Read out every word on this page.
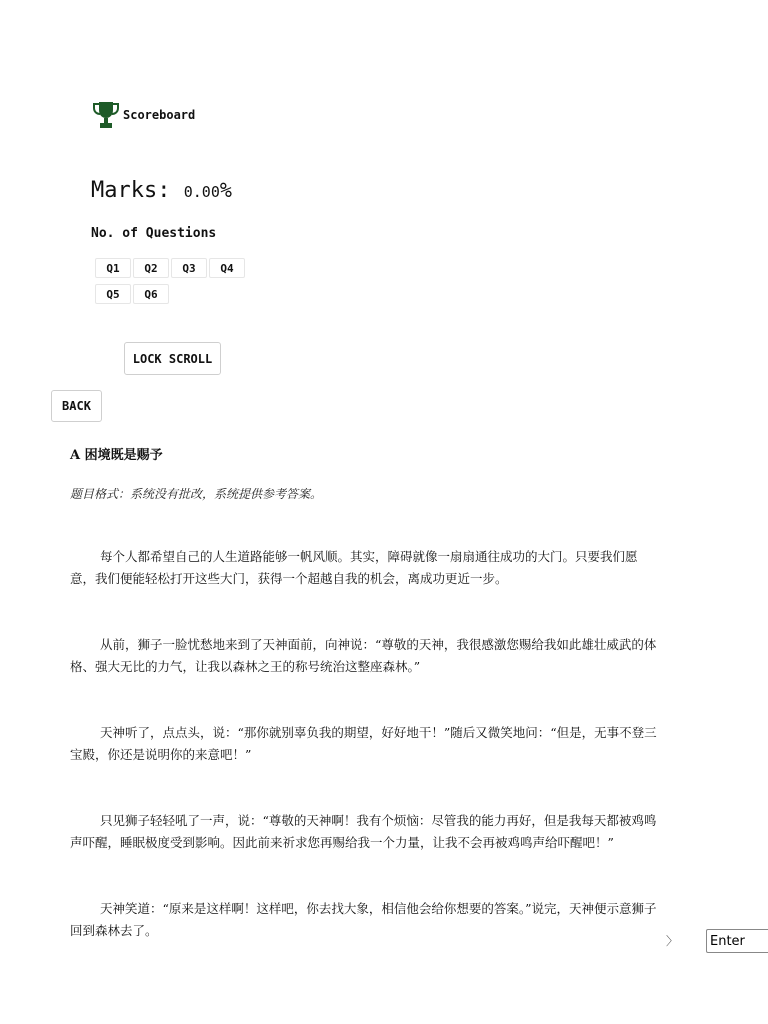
Scoreboard
Marks: 0.00%
No. of Questions
Q1	Q2	Q3	Q4
Q5	Q6
LOCK SCROLL
BACK
A 困境既是赐予
题目格式：系统没有批改，系统提供参考答案。

每个人都希望自己的人生道路能够一帆风顺。其实，障碍就像一扇扇通往成功的大门。只要我们愿意，我们便能轻松打开这些大门，获得一个超越自我的机会，离成功更近一步。

从前，狮子一脸忧愁地来到了天神面前，向神说：“尊敬的天神，我很感激您赐给我如此雄壮威武的体格、强大无比的力气，让我以森林之王的称号统治这整座森林。”

天神听了，点点头，说：“那你就别辜负我的期望，好好地干！”随后又微笑地问：“但是，无事不登三宝殿，你还是说明你的来意吧！”

只见狮子轻轻吼了一声，说：“尊敬的天神啊！我有个烦恼：尽管我的能力再好，但是我每天都被鸡鸣声吓醒，睡眠极度受到影响。因此前来祈求您再赐给我一个力量，让我不会再被鸡鸣声给吓醒吧！”

天神笑道：“原来是这样啊！这样吧，你去找大象，相信他会给你想要的答案。”说完，天神便示意狮子回到森林去了。

〉
Enter
